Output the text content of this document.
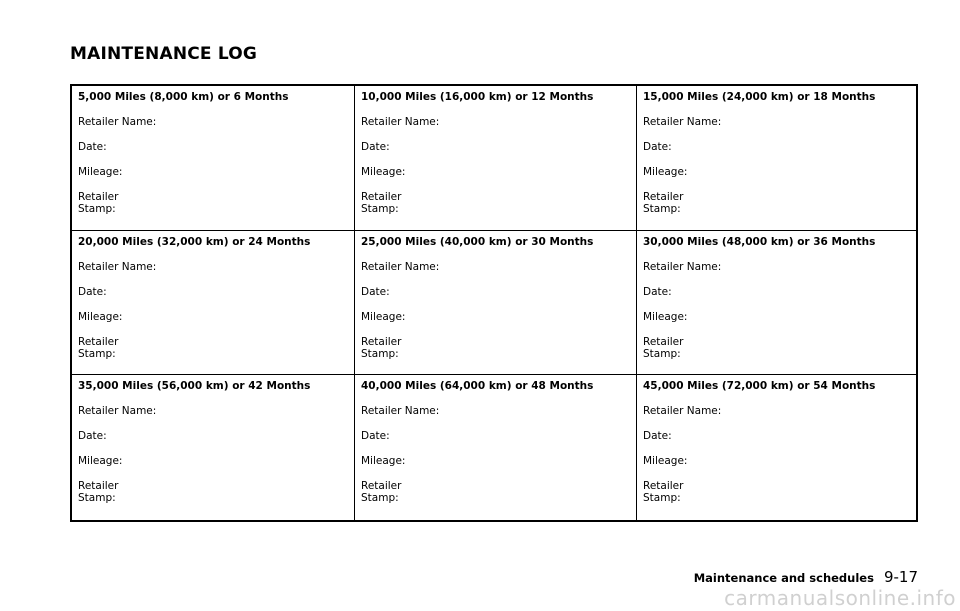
MAINTENANCE LOG
5,000 Miles (8,000 km) or 6 Months
Retailer Name:
Date:
Mileage:
Retailer
Stamp:
10,000 Miles (16,000 km) or 12 Months
Retailer Name:
Date:
Mileage:
Retailer
Stamp:
15,000 Miles (24,000 km) or 18 Months
Retailer Name:
Date:
Mileage:
Retailer
Stamp:
20,000 Miles (32,000 km) or 24 Months
Retailer Name:
Date:
Mileage:
Retailer
Stamp:
25,000 Miles (40,000 km) or 30 Months
Retailer Name:
Date:
Mileage:
Retailer
Stamp:
30,000 Miles (48,000 km) or 36 Months
Retailer Name:
Date:
Mileage:
Retailer
Stamp:
35,000 Miles (56,000 km) or 42 Months
Retailer Name:
Date:
Mileage:
Retailer
Stamp:
40,000 Miles (64,000 km) or 48 Months
Retailer Name:
Date:
Mileage:
Retailer
Stamp:
45,000 Miles (72,000 km) or 54 Months
Retailer Name:
Date:
Mileage:
Retailer
Stamp:
Maintenance and schedules 9-17
carmanualsonline.info
